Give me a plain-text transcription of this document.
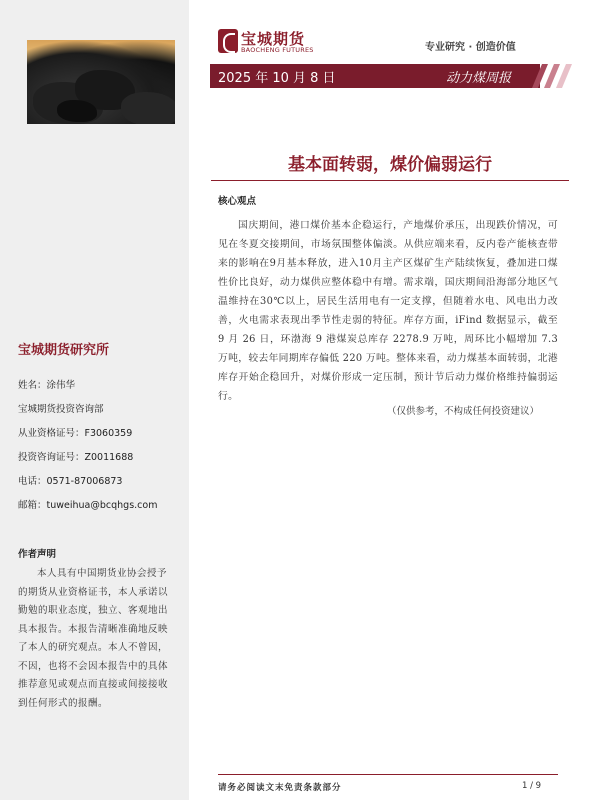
宝城期货研究所
姓名：涂伟华
宝城期货投资咨询部
从业资格证号：F3060359
投资咨询证号：Z0011688
电话：0571-87006873
邮箱：tuweihua@bcqhgs.com
作者声明
本人具有中国期货业协会授予的期货从业资格证书，本人承诺以勤勉的职业态度，独立、客观地出具本报告。本报告清晰准确地反映了本人的研究观点。本人不曾因，不因，也将不会因本报告中的具体推荐意见或观点而直接或间接接收到任何形式的报酬。
宝城期货
BAOCHENG FUTURES	专业研究 · 创造价值
2025 年 10 月 8 日	动力煤周报
基本面转弱，煤价偏弱运行
核心观点
国庆期间，港口煤价基本企稳运行，产地煤价承压，出现跌价情况，可见在冬夏交接期间，市场氛围整体偏淡。从供应端来看，反内卷产能核查带来的影响在9月基本释放，进入10月主产区煤矿生产陆续恢复，叠加进口煤性价比良好，动力煤供应整体稳中有增。需求端，国庆期间沿海部分地区气温维持在30℃以上，居民生活用电有一定支撑，但随着水电、风电出力改善，火电需求表现出季节性走弱的特征。库存方面，iFind 数据显示，截至 9 月 26 日，环渤海 9 港煤炭总库存 2278.9 万吨，周环比小幅增加 7.3 万吨，较去年同期库存偏低 220 万吨。整体来看，动力煤基本面转弱，北港库存开始企稳回升，对煤价形成一定压制，预计节后动力煤价格维持偏弱运行。
（仅供参考，不构成任何投资建议）
请务必阅读文末免责条款部分	1 / 9
